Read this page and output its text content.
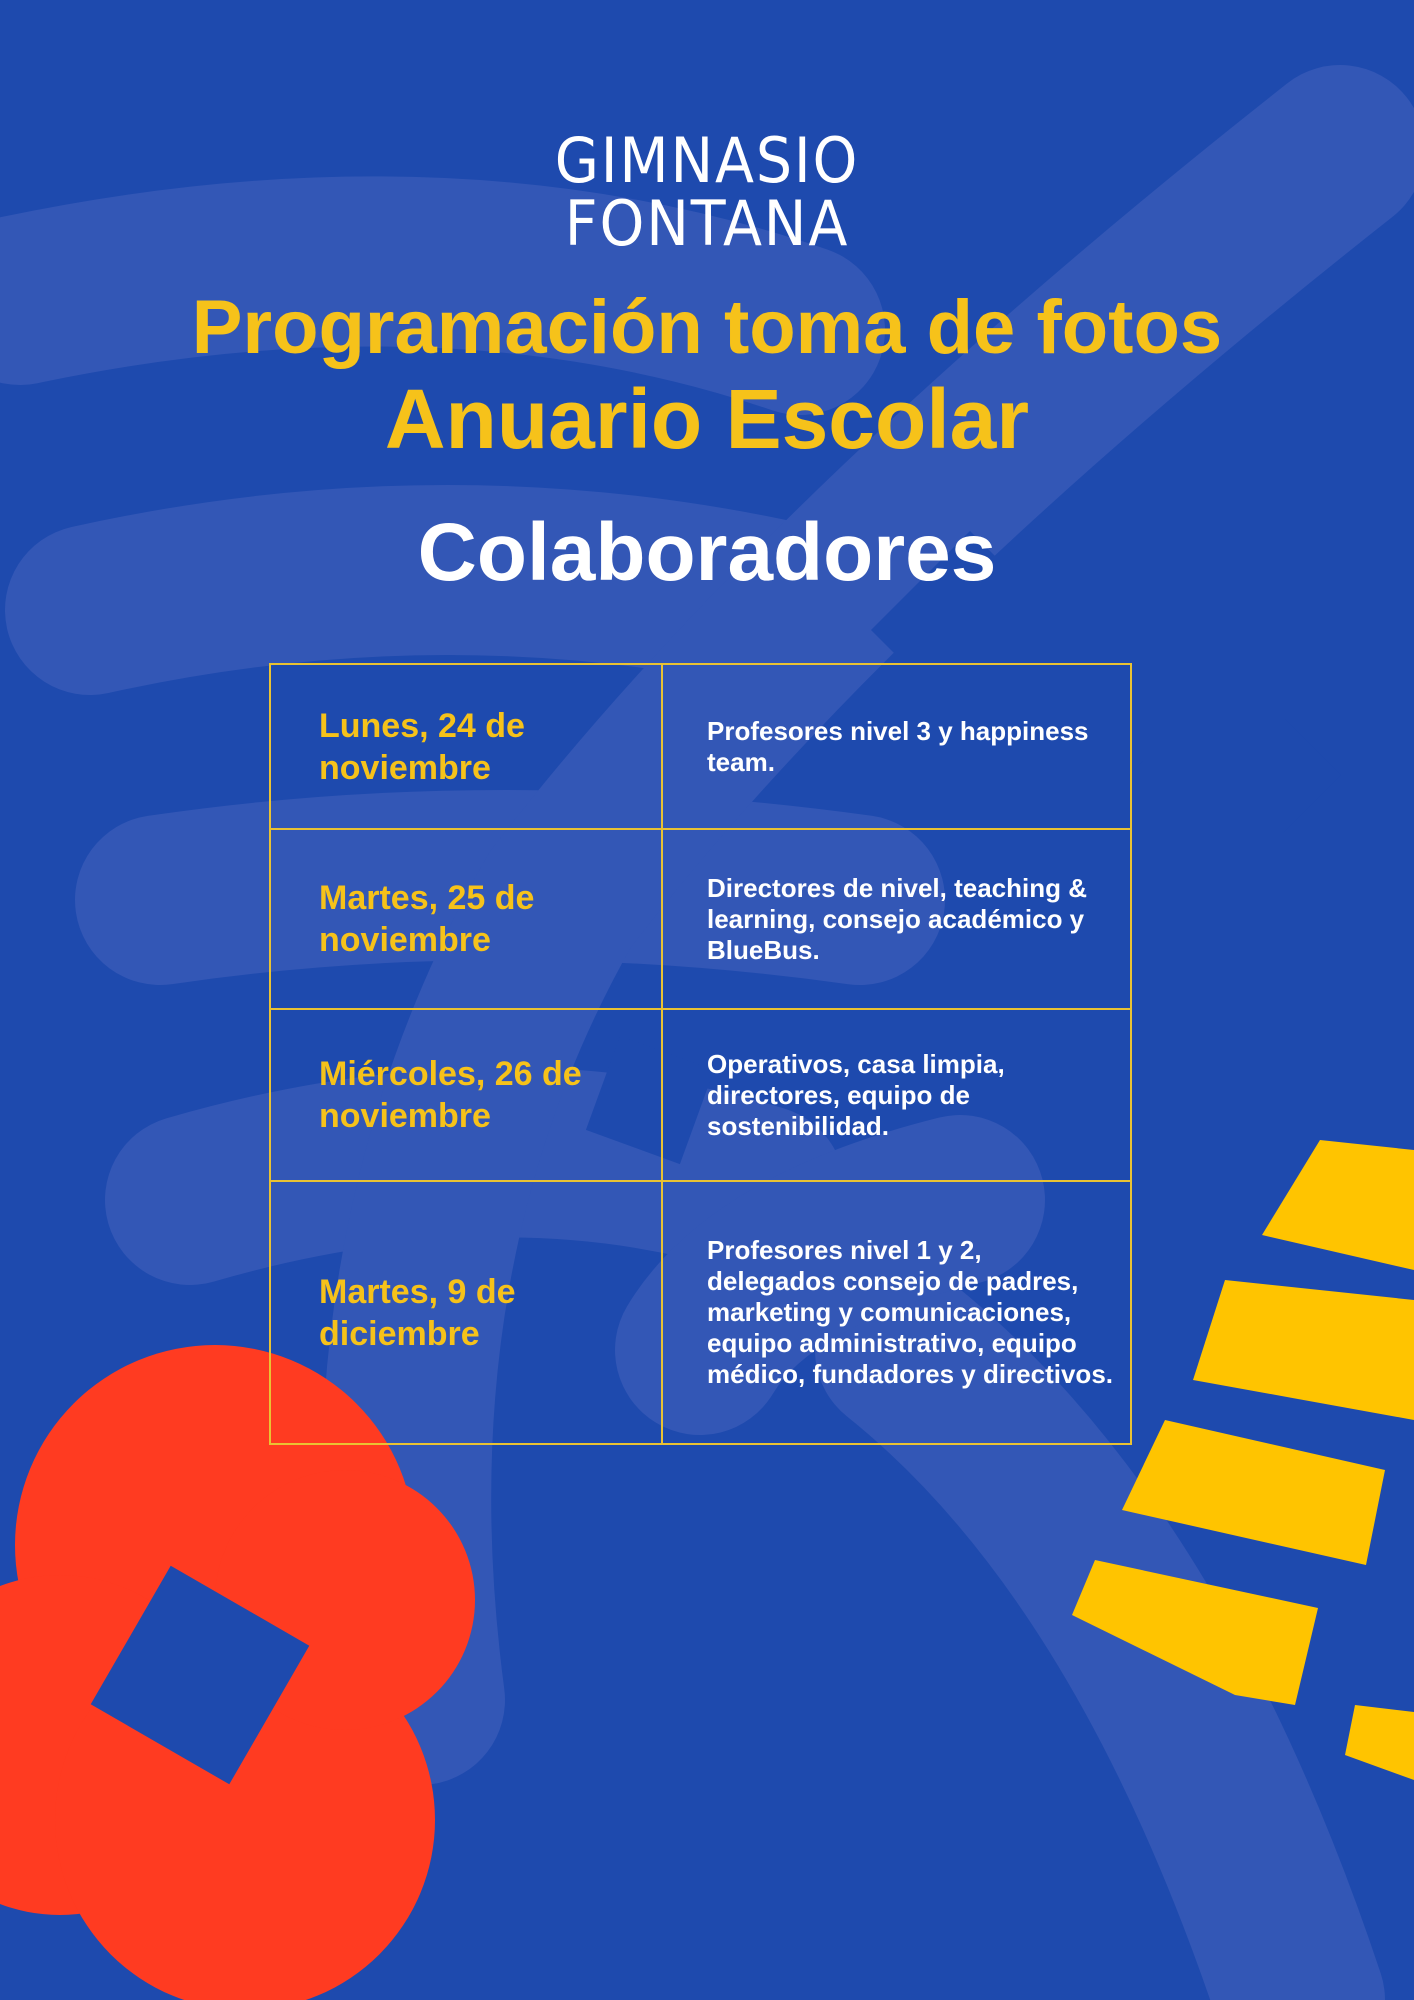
GIMNASIO
FONTANA
Programación toma de fotos
Anuario Escolar
Colaboradores
Lunes, 24 de noviembre
Profesores nivel 3 y happiness team.
Martes, 25 de noviembre
Directores de nivel, teaching & learning, consejo académico y BlueBus.
Miércoles, 26 de noviembre
Operativos, casa limpia, directores, equipo de sostenibilidad.
Martes, 9 de diciembre
Profesores nivel 1 y 2, delegados consejo de padres, marketing y comunicaciones, equipo administrativo, equipo médico, fundadores y directivos.
